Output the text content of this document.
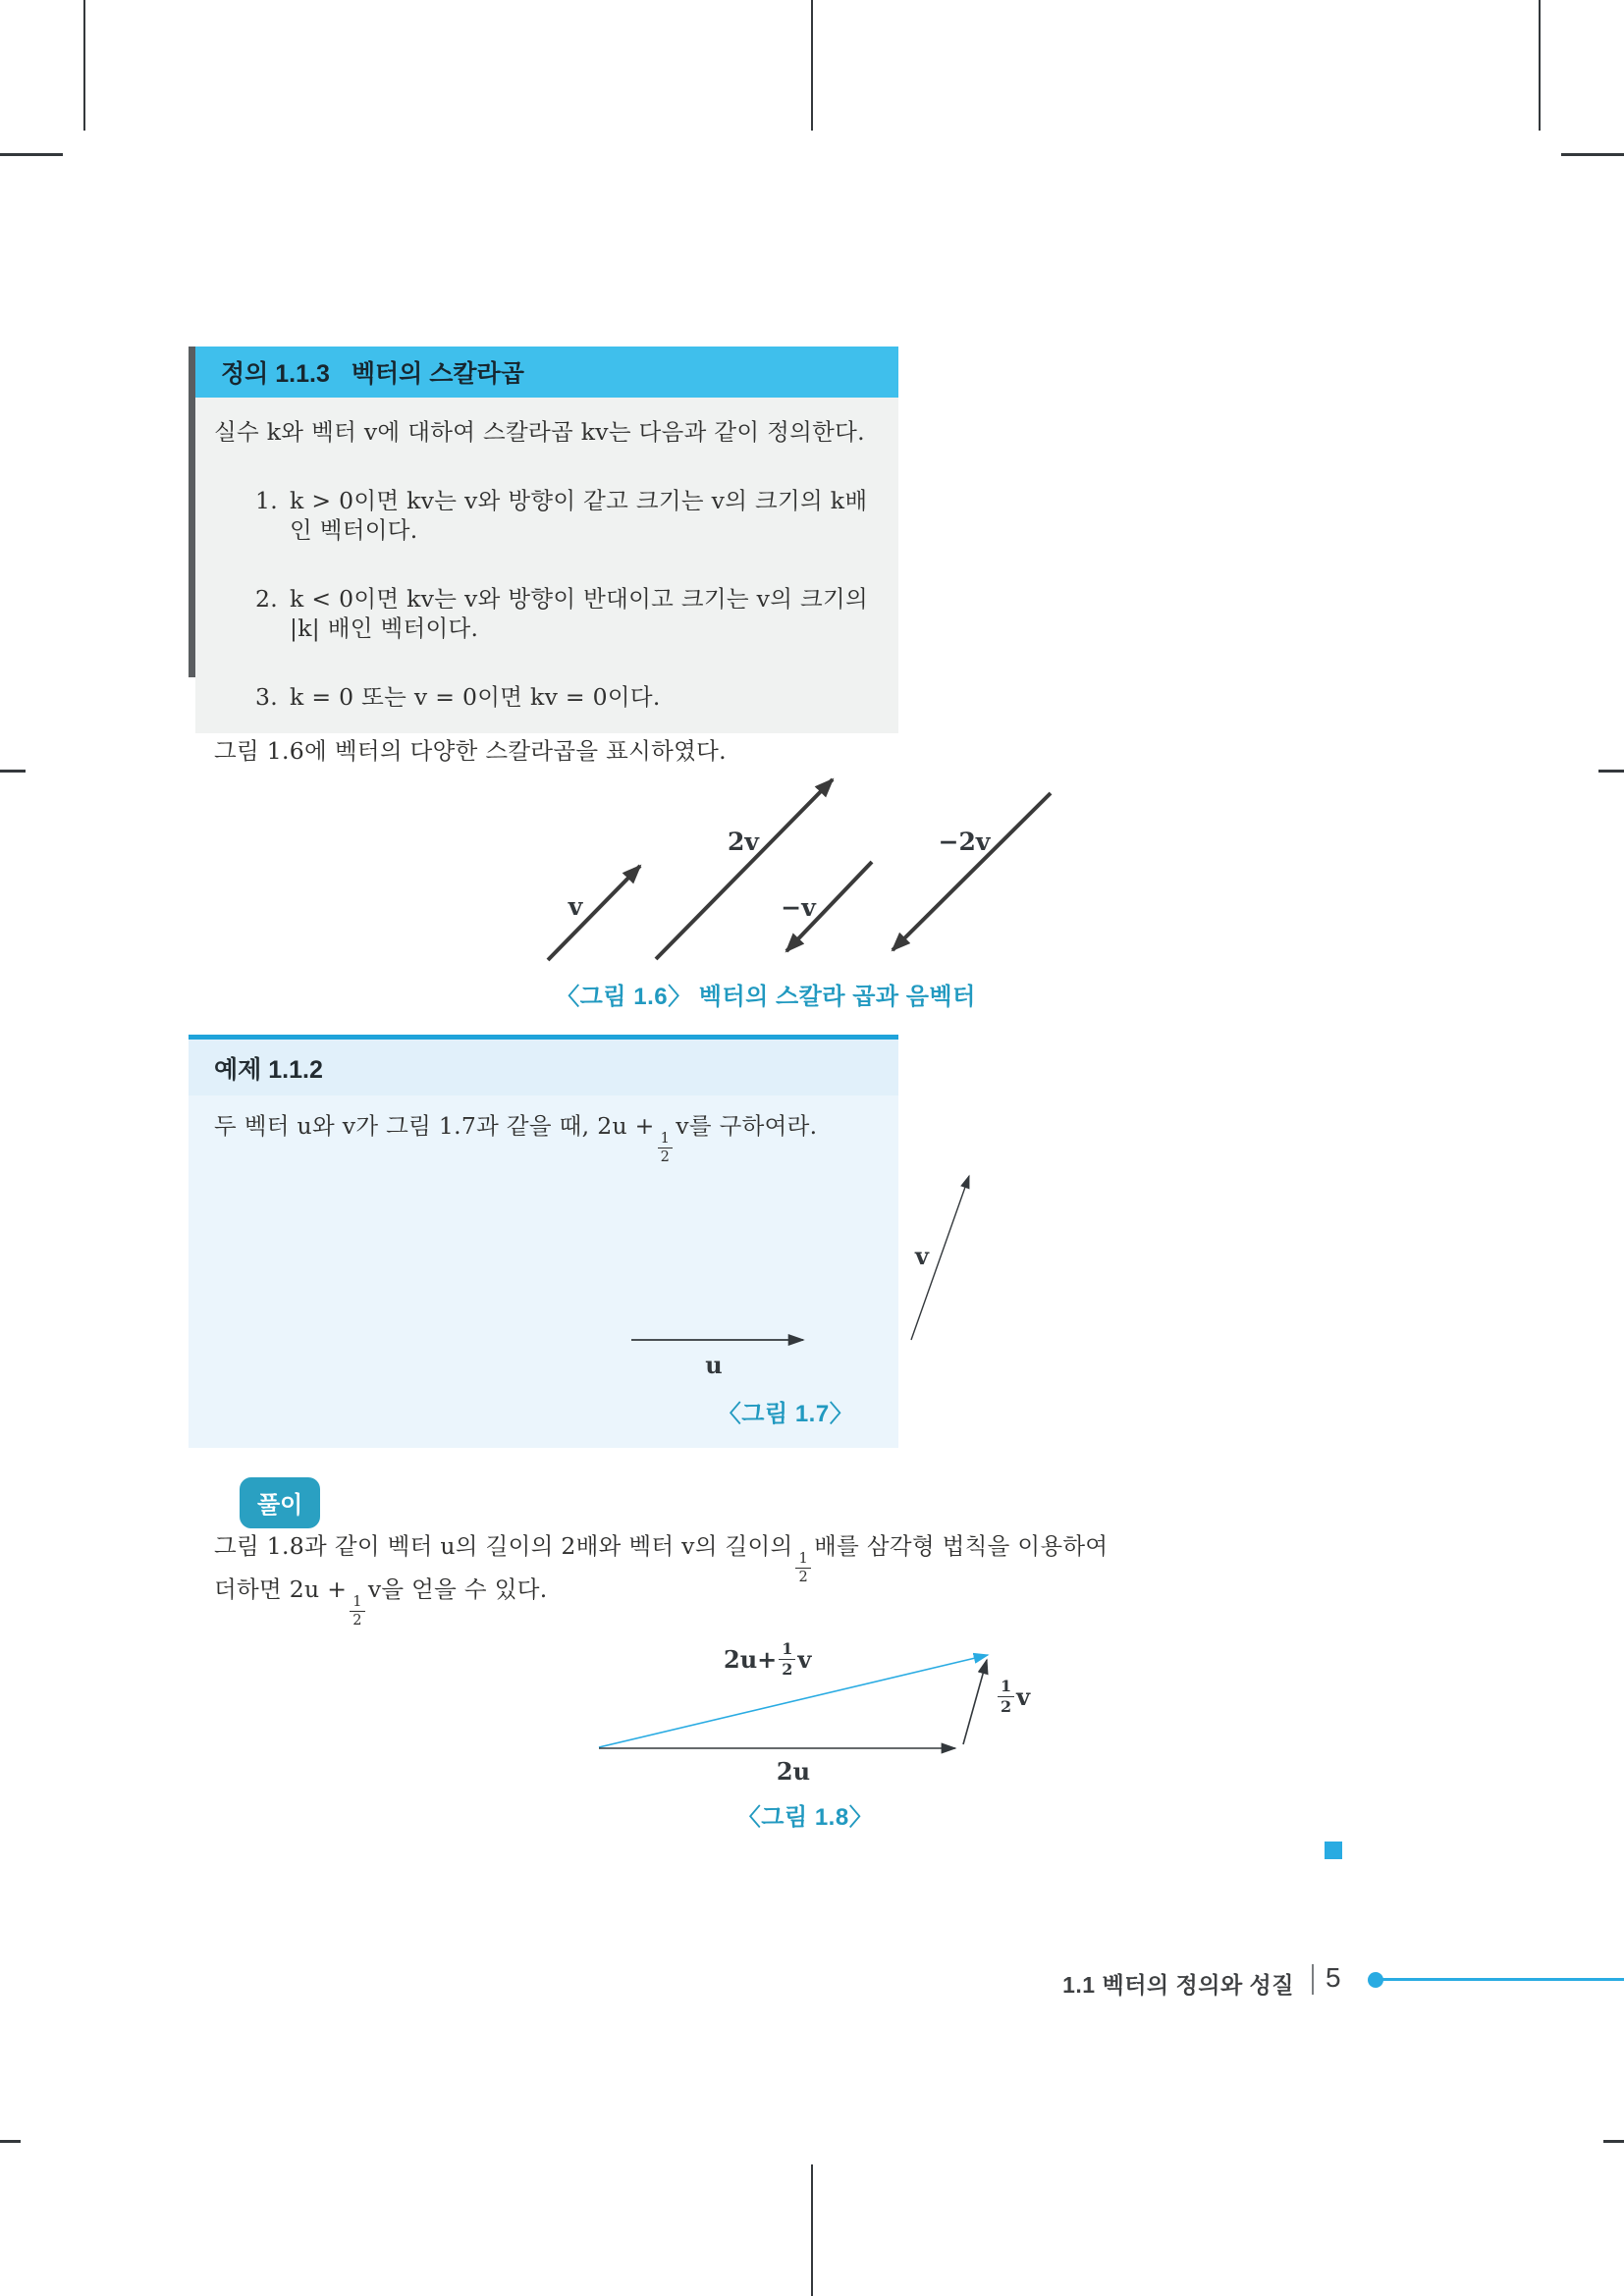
정의 1.1.3 벡터의 스칼라곱

실수 k와 벡터 v에 대하여 스칼라곱 kv는 다음과 같이 정의한다.

1. k > 0이면 kv는 v와 방향이 같고 크기는 v의 크기의 k배인 벡터이다.
2. k < 0이면 kv는 v와 방향이 반대이고 크기는 v의 크기의 |k| 배인 벡터이다.
3. k = 0 또는 v = 0이면 kv = 0이다.

그림 1.6에 벡터의 다양한 스칼라곱을 표시하였다.

v
2v
−v
−2v
〈그림 1.6〉 벡터의 스칼라 곱과 음벡터
예제 1.1.2
두 벡터 u와 v가 그림 1.7과 같을 때, 2u +
$\frac{1}{2}$
v를 구하여라.
u
v
〈그림 1.7〉
풀이
그림 1.8과 같이 벡터 u의 길이의 2배와 벡터 v의 길이의
$\frac{1}{2}$
배를 삼각형 법칙을 이용하여
더하면 2u +
$\frac{1}{2}$
v을 얻을 수 있다.
$2u+ \frac{1}{2}$ v
2u
$\frac{1}{2}$ v
〈그림 1.8〉
1.1 벡터의 정의와 성질 5
